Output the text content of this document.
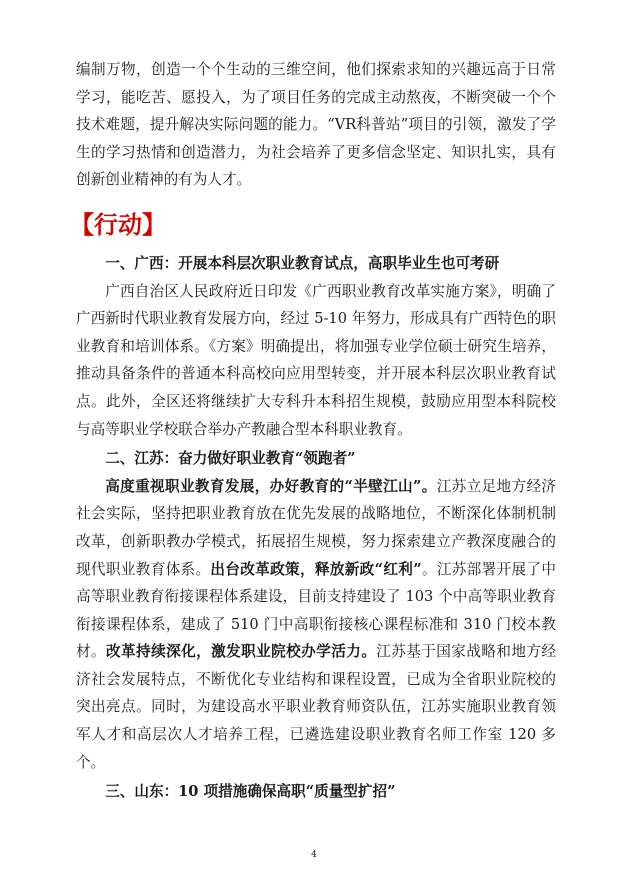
编制万物，创造一个个生动的三维空间，他们探索求知的兴趣远高于日常学习，能吃苦、愿投入，为了项目任务的完成主动熬夜，不断突破一个个技术难题，提升解决实际问题的能力。“VR科普站”项目的引领，激发了学生的学习热情和创造潜力，为社会培养了更多信念坚定、知识扎实，具有创新创业精神的有为人才。

【行动】

一、广西：开展本科层次职业教育试点，高职毕业生也可考研

广西自治区人民政府近日印发《广西职业教育改革实施方案》，明确了广西新时代职业教育发展方向，经过 5-10 年努力，形成具有广西特色的职业教育和培训体系。《方案》明确提出，将加强专业学位硕士研究生培养，推动具备条件的普通本科高校向应用型转变，并开展本科层次职业教育试点。此外，全区还将继续扩大专科升本科招生规模，鼓励应用型本科院校与高等职业学校联合举办产教融合型本科职业教育。

二、江苏：奋力做好职业教育“领跑者”

高度重视职业教育发展，办好教育的“半壁江山”。江苏立足地方经济社会实际，坚持把职业教育放在优先发展的战略地位，不断深化体制机制改革，创新职教办学模式，拓展招生规模，努力探索建立产教深度融合的现代职业教育体系。出台改革政策，释放新政“红利”。江苏部署开展了中高等职业教育衔接课程体系建设，目前支持建设了 103 个中高等职业教育衔接课程体系，建成了 510 门中高职衔接核心课程标准和 310 门校本教材。改革持续深化，激发职业院校办学活力。江苏基于国家战略和地方经济社会发展特点，不断优化专业结构和课程设置，已成为全省职业院校的突出亮点。同时，为建设高水平职业教育师资队伍，江苏实施职业教育领军人才和高层次人才培养工程，已遴选建设职业教育名师工作室 120 多个。

三、山东：10 项措施确保高职“质量型扩招”

4
